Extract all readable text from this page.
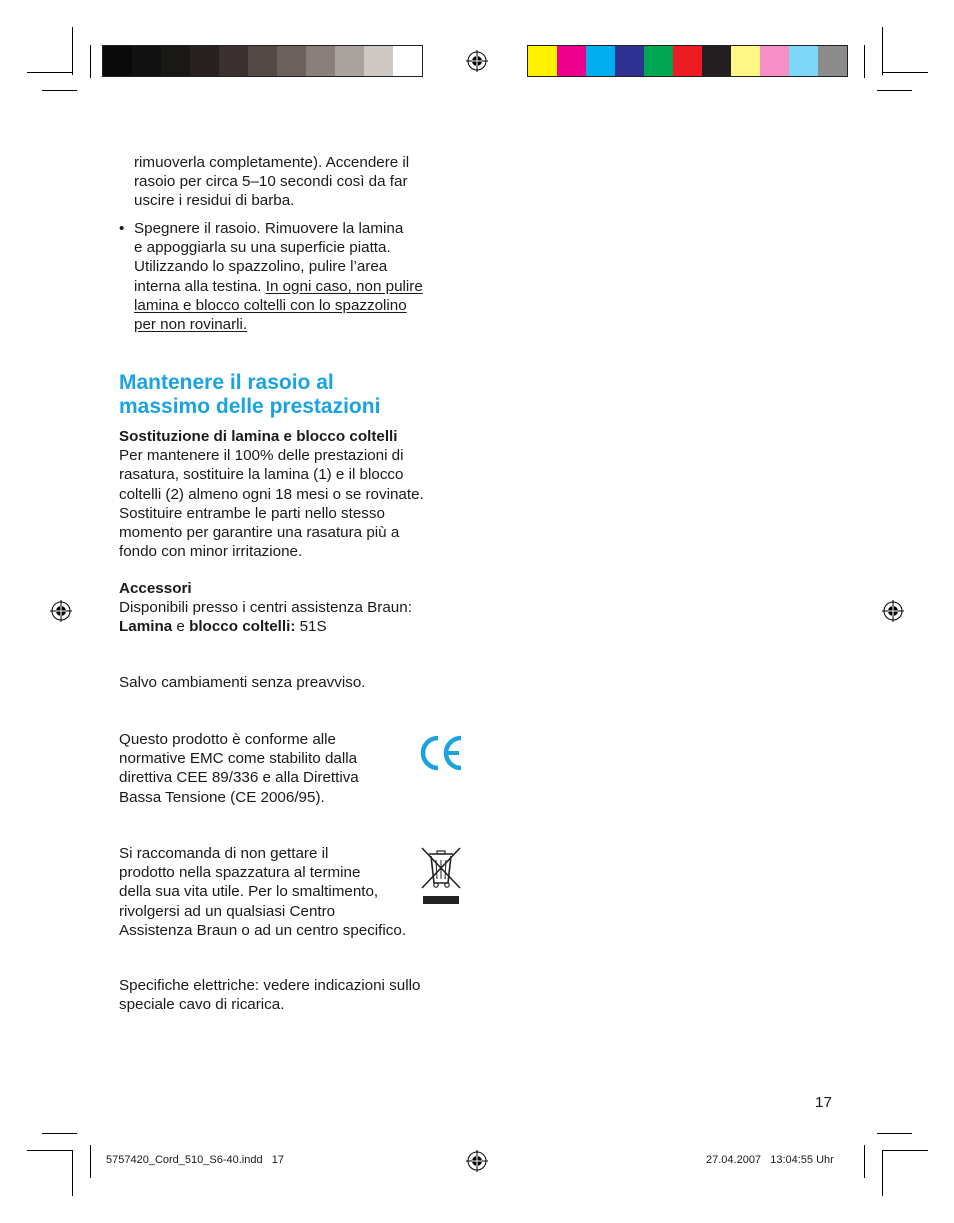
rimuoverla completamente). Accendere il
rasoio per circa 5–10 secondi così da far
uscire i residui di barba.
• Spegnere il rasoio. Rimuovere la lamina
e appoggiarla su una superficie piatta.
Utilizzando lo spazzolino, pulire l’area
interna alla testina. In ogni caso, non pulire
lamina e blocco coltelli con lo spazzolino
per non rovinarli.
Mantenere il rasoio al
massimo delle prestazioni
Sostituzione di lamina e blocco coltelli
Per mantenere il 100% delle prestazioni di
rasatura, sostituire la lamina (1) e il blocco
coltelli (2) almeno ogni 18 mesi o se rovinate.
Sostituire entrambe le parti nello stesso
momento per garantire una rasatura più a
fondo con minor irritazione.
Accessori
Disponibili presso i centri assistenza Braun:
Lamina e blocco coltelli: 51S
Salvo cambiamenti senza preavviso.
Questo prodotto è conforme alle
normative EMC come stabilito dalla
direttiva CEE 89/336 e alla Direttiva
Bassa Tensione (CE 2006/95).
Si raccomanda di non gettare il
prodotto nella spazzatura al termine
della sua vita utile. Per lo smaltimento,
rivolgersi ad un qualsiasi Centro
Assistenza Braun o ad un centro specifico.
Specifiche elettriche: vedere indicazioni sullo
speciale cavo di ricarica.
17
5757420_Cord_510_S6-40.indd   17	27.04.2007   13:04:55 Uhr
